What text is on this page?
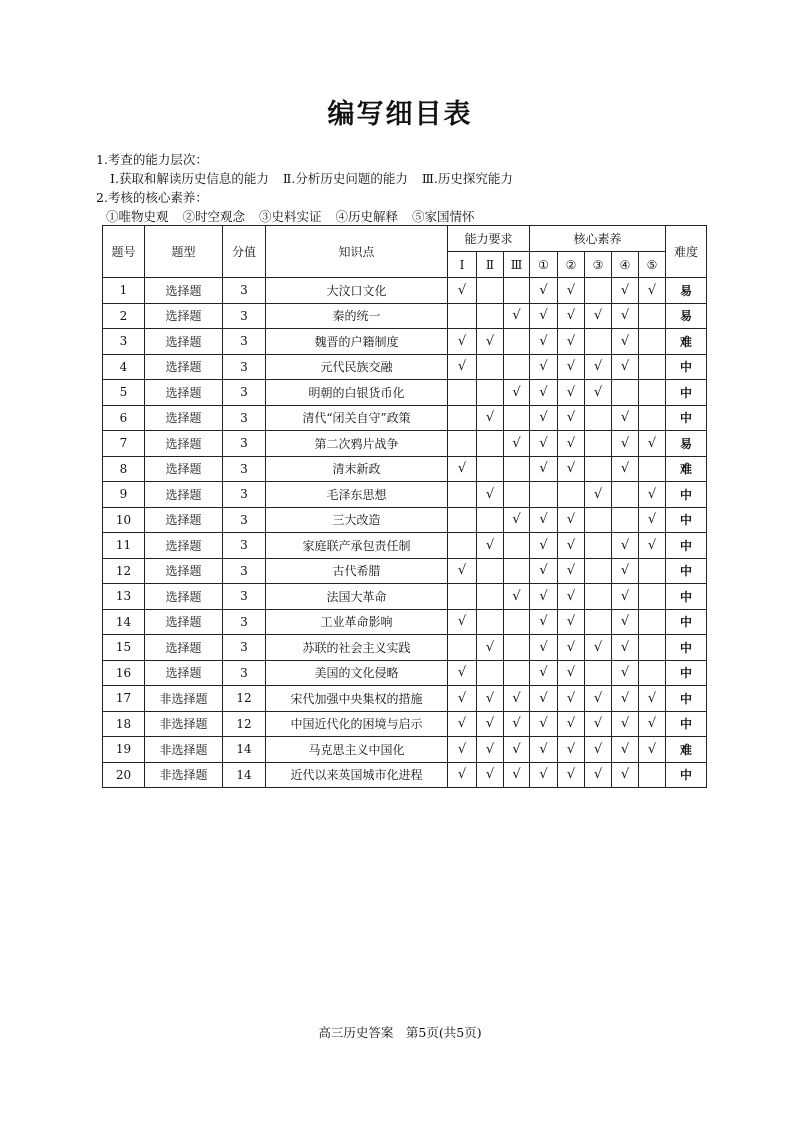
编写细目表
1.考查的能力层次：
Ⅰ.获取和解读历史信息的能力 Ⅱ.分析历史问题的能力 Ⅲ.历史探究能力
2.考核的核心素养：
①唯物史观 ②时空观念 ③史料实证 ④历史解释 ⑤家国情怀
题号	题型	分值	知识点	能力要求			核心素养					难度
				Ⅰ	Ⅱ	Ⅲ	①	②	③	④	⑤	
1	选择题	3	大汶口文化	√			√	√		√	√	易
2	选择题	3	秦的统一			√	√	√	√	√		易
3	选择题	3	魏晋的户籍制度	√	√		√	√		√		难
4	选择题	3	元代民族交融	√			√	√	√	√		中
5	选择题	3	明朝的白银货币化			√	√	√	√			中
6	选择题	3	清代“闭关自守”政策		√		√	√		√		中
7	选择题	3	第二次鸦片战争			√	√	√		√	√	易
8	选择题	3	清末新政	√			√	√		√		难
9	选择题	3	毛泽东思想		√				√		√	中
10	选择题	3	三大改造			√	√	√			√	中
11	选择题	3	家庭联产承包责任制		√		√	√		√	√	中
12	选择题	3	古代希腊	√			√	√		√		中
13	选择题	3	法国大革命			√	√	√		√		中
14	选择题	3	工业革命影响	√			√	√		√		中
15	选择题	3	苏联的社会主义实践		√		√	√	√	√		中
16	选择题	3	美国的文化侵略	√			√	√		√		中
17	非选择题	12	宋代加强中央集权的措施	√	√	√	√	√	√	√	√	中
18	非选择题	12	中国近代化的困境与启示	√	√	√	√	√	√	√	√	中
19	非选择题	14	马克思主义中国化	√	√	√	√	√	√	√	√	难
20	非选择题	14	近代以来英国城市化进程	√	√	√	√	√	√	√		中
高三历史答案　第5页(共5页)
